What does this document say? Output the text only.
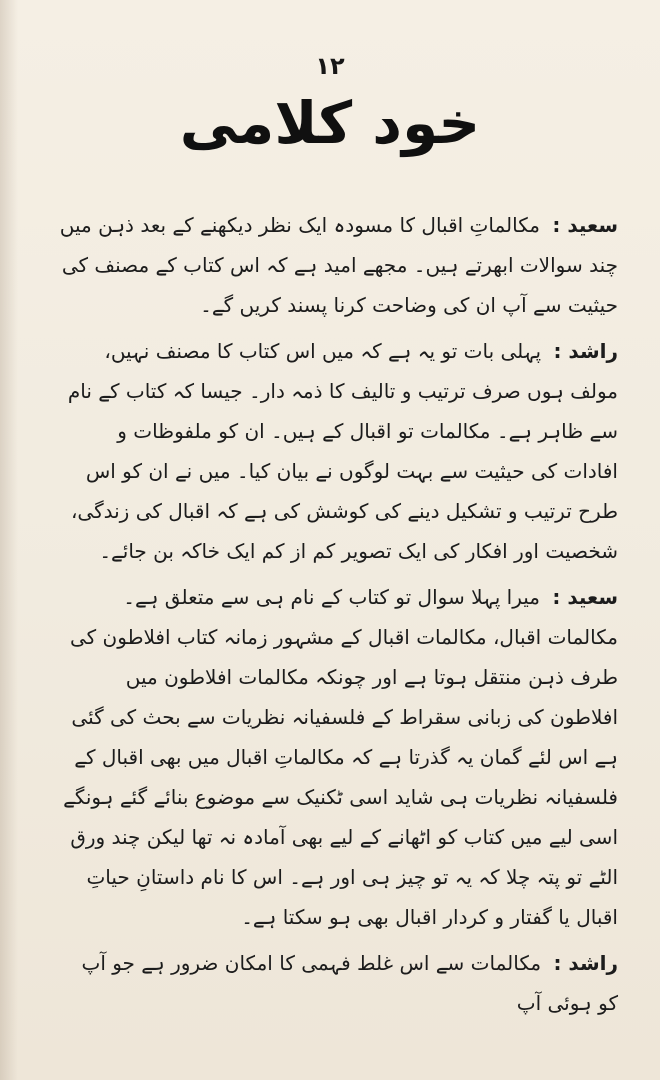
۱۲
خود کلامی

سعید : مکالماتِ اقبال کا مسودہ ایک نظر دیکھنے کے بعد ذہن میں چند سوالات ابھرتے ہیں۔ مجھے امید ہے کہ اس کتاب کے مصنف کی حیثیت سے آپ ان کی وضاحت کرنا پسند کریں گے۔

راشد : پہلی بات تو یہ ہے کہ میں اس کتاب کا مصنف نہیں، مولف ہوں صرف ترتیب و تالیف کا ذمہ دار۔ جیسا کہ کتاب کے نام سے ظاہر ہے۔ مکالمات تو اقبال کے ہیں۔ ان کو ملفوظات و افادات کی حیثیت سے بہت لوگوں نے بیان کیا۔ میں نے ان کو اس طرح ترتیب و تشکیل دینے کی کوشش کی ہے کہ اقبال کی زندگی، شخصیت اور افکار کی ایک تصویر کم از کم ایک خاکہ بن جائے۔

سعید : میرا پہلا سوال تو کتاب کے نام ہی سے متعلق ہے۔ مکالمات اقبال، مکالمات اقبال کے مشہور زمانہ کتاب افلاطون کی طرف ذہن منتقل ہوتا ہے اور چونکہ مکالمات افلاطون میں افلاطون کی زبانی سقراط کے فلسفیانہ نظریات سے بحث کی گئی ہے اس لئے گمان یہ گذرتا ہے کہ مکالماتِ اقبال میں بھی اقبال کے فلسفیانہ نظریات ہی شاید اسی ٹکنیک سے موضوع بنائے گئے ہونگے اسی لیے میں کتاب کو اٹھانے کے لیے بھی آمادہ نہ تھا لیکن چند ورق الٹے تو پتہ چلا کہ یہ تو چیز ہی اور ہے۔ اس کا نام داستانِ حیاتِ اقبال یا گفتار و کردار اقبال بھی ہو سکتا ہے۔

راشد : مکالمات سے اس غلط فہمی کا امکان ضرور ہے جو آپ کو ہوئی آپ
